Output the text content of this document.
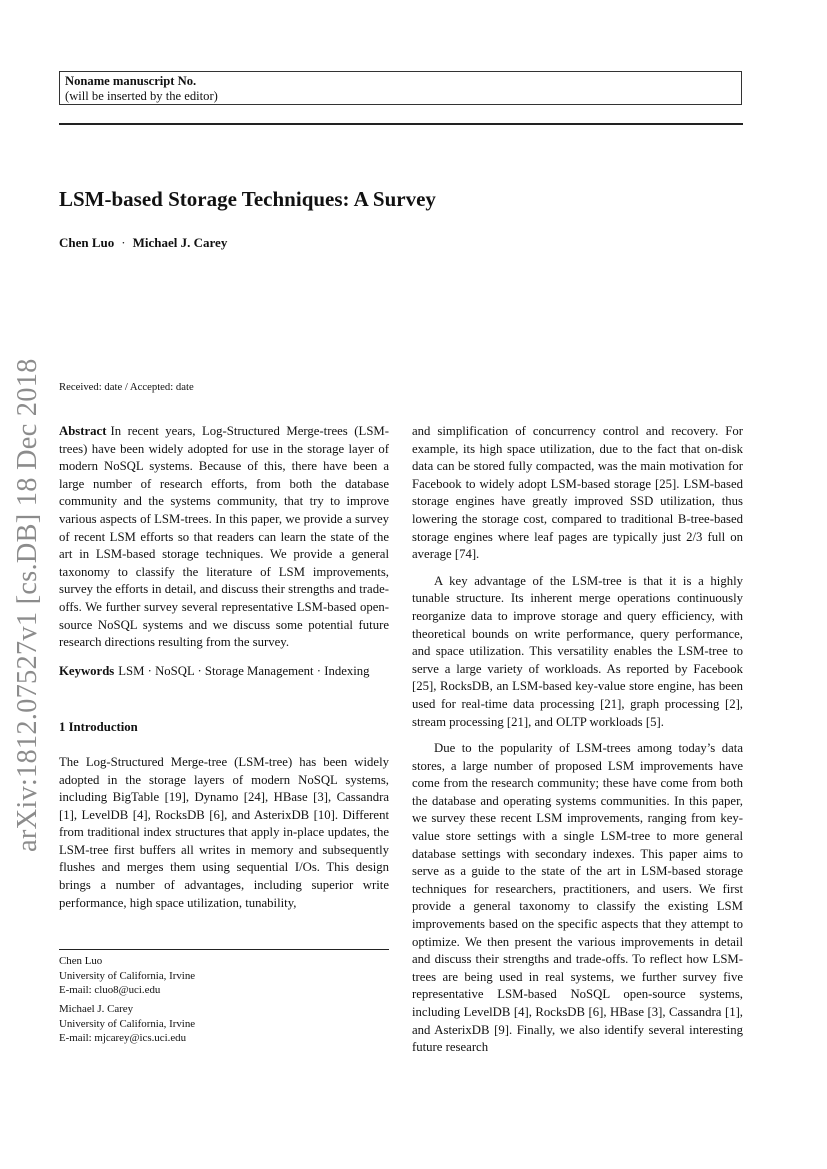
Noname manuscript No.
(will be inserted by the editor)
LSM-based Storage Techniques: A Survey
Chen Luo · Michael J. Carey
arXiv:1812.07527v1 [cs.DB] 18 Dec 2018 Received: date / Accepted: date

Abstract In recent years, Log-Structured Merge-trees (LSM-trees) have been widely adopted for use in the storage layer of modern NoSQL systems. Because of this, there have been a large number of research efforts, from both the database community and the systems community, that try to improve various aspects of LSM-trees. In this paper, we provide a survey of recent LSM efforts so that readers can learn the state of the art in LSM-based storage techniques. We provide a general taxonomy to classify the literature of LSM improvements, survey the efforts in detail, and discuss their strengths and trade-offs. We further survey several representative LSM-based open-source NoSQL systems and we discuss some potential future research directions resulting from the survey.

Keywords LSM · NoSQL · Storage Management · Indexing

1 Introduction

The Log-Structured Merge-tree (LSM-tree) has been widely adopted in the storage layers of modern NoSQL systems, including BigTable [19], Dynamo [24], HBase [3], Cassandra [1], LevelDB [4], RocksDB [6], and AsterixDB [10]. Different from traditional index structures that apply in-place updates, the LSM-tree first buffers all writes in memory and subsequently flushes and merges them using sequential I/Os. This design brings a number of advantages, including superior write performance, high space utilization, tunability,

and simplification of concurrency control and recovery. For example, its high space utilization, due to the fact that on-disk data can be stored fully compacted, was the main motivation for Facebook to widely adopt LSM-based storage [25]. LSM-based storage engines have greatly improved SSD utilization, thus lowering the storage cost, compared to traditional B-tree-based storage engines where leaf pages are typically just 2/3 full on average [74].

A key advantage of the LSM-tree is that it is a highly tunable structure. Its inherent merge operations continuously reorganize data to improve storage and query efficiency, with theoretical bounds on write performance, query performance, and space utilization. This versatility enables the LSM-tree to serve a large variety of workloads. As reported by Facebook [25], RocksDB, an LSM-based key-value store engine, has been used for real-time data processing [21], graph processing [2], stream processing [21], and OLTP workloads [5].

Due to the popularity of LSM-trees among today’s data stores, a large number of proposed LSM improvements have come from the research community; these have come from both the database and operating systems communities. In this paper, we survey these recent LSM improvements, ranging from key-value store settings with a single LSM-tree to more general database settings with secondary indexes. This paper aims to serve as a guide to the state of the art in LSM-based storage techniques for researchers, practitioners, and users. We first provide a general taxonomy to classify the existing LSM improvements based on the specific aspects that they attempt to optimize. We then present the various improvements in detail and discuss their strengths and trade-offs. To reflect how LSM-trees are being used in real systems, we further survey five representative LSM-based NoSQL open-source systems, including LevelDB [4], RocksDB [6], HBase [3], Cassandra [1], and AsterixDB [9]. Finally, we also identify several interesting future research

Chen Luo
University of California, Irvine
E-mail: cluo8@uci.edu
Michael J. Carey
University of California, Irvine
E-mail: mjcarey@ics.uci.edu
